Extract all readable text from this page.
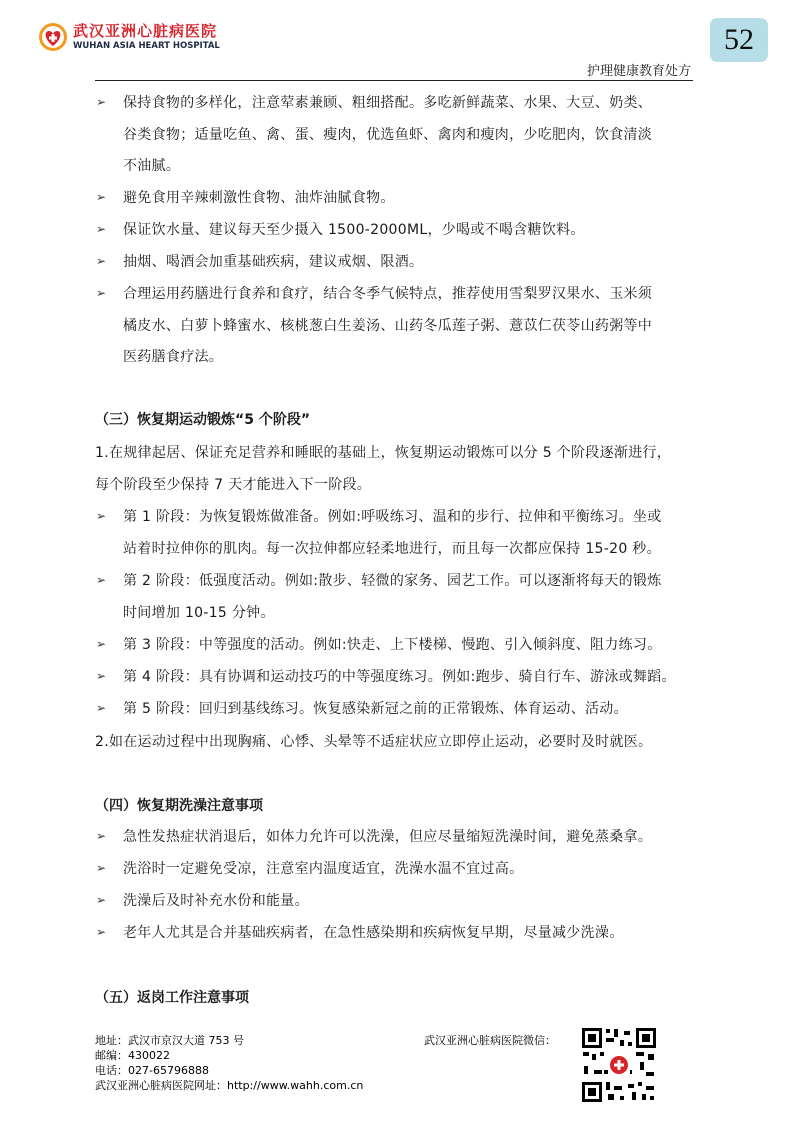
武汉亚洲心脏病医院
WUHAN ASIA HEART HOSPITAL	52
护理健康教育处方
➢ 保持食物的多样化，注意荤素兼顾、粗细搭配。多吃新鲜蔬菜、水果、大豆、奶类、
谷类食物；适量吃鱼、禽、蛋、瘦肉，优选鱼虾、禽肉和瘦肉，少吃肥肉，饮食清淡
不油腻。
➢ 避免食用辛辣刺激性食物、油炸油腻食物。
➢ 保证饮水量、建议每天至少摄入 1500-2000ML，少喝或不喝含糖饮料。
➢ 抽烟、喝酒会加重基础疾病，建议戒烟、限酒。
➢ 合理运用药膳进行食养和食疗，结合冬季气候特点，推荐使用雪梨罗汉果水、玉米须
橘皮水、白萝卜蜂蜜水、核桃葱白生姜汤、山药冬瓜莲子粥、薏苡仁茯苓山药粥等中
医药膳食疗法。
（三）恢复期运动锻炼“5 个阶段”
1.在规律起居、保证充足营养和睡眠的基础上，恢复期运动锻炼可以分 5 个阶段逐渐进行，
每个阶段至少保持 7 天才能进入下一阶段。
➢ 第 1 阶段：为恢复锻炼做准备。例如:呼吸练习、温和的步行、拉伸和平衡练习。坐或
站着时拉伸你的肌肉。每一次拉伸都应轻柔地进行，而且每一次都应保持 15-20 秒。
➢ 第 2 阶段：低强度活动。例如:散步、轻微的家务、园艺工作。可以逐渐将每天的锻炼
时间增加 10-15 分钟。
➢ 第 3 阶段：中等强度的活动。例如:快走、上下楼梯、慢跑、引入倾斜度、阻力练习。
➢ 第 4 阶段：具有协调和运动技巧的中等强度练习。例如:跑步、骑自行车、游泳或舞蹈。
➢ 第 5 阶段：回归到基线练习。恢复感染新冠之前的正常锻炼、体育运动、活动。
2.如在运动过程中出现胸痛、心悸、头晕等不适症状应立即停止运动，必要时及时就医。
（四）恢复期洗澡注意事项
➢ 急性发热症状消退后，如体力允许可以洗澡，但应尽量缩短洗澡时间，避免蒸桑拿。
➢ 洗浴时一定避免受凉，注意室内温度适宜，洗澡水温不宜过高。
➢ 洗澡后及时补充水份和能量。
➢ 老年人尤其是合并基础疾病者，在急性感染期和疾病恢复早期，尽量减少洗澡。
（五）返岗工作注意事项
地址：武汉市京汉大道 753 号
邮编：430022
电话：027-65796888
武汉亚洲心脏病医院网址：http://www.wahh.com.cn
武汉亚洲心脏病医院微信：
